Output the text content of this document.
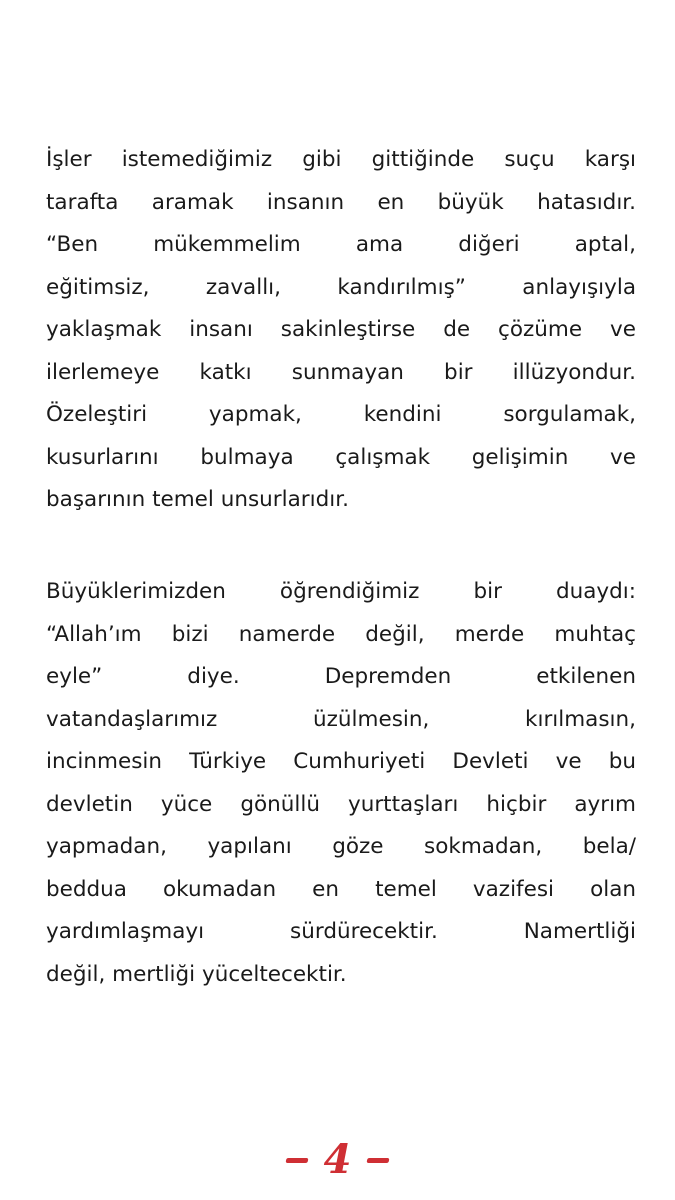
İşler istemediğimiz gibi gittiğinde suçu karşı
tarafta aramak insanın en büyük hatasıdır.
“Ben mükemmelim ama diğeri aptal,
eğitimsiz, zavallı, kandırılmış” anlayışıyla
yaklaşmak insanı sakinleştirse de çözüme ve
ilerlemeye katkı sunmayan bir illüzyondur.
Özeleştiri yapmak, kendini sorgulamak,
kusurlarını bulmaya çalışmak gelişimin ve
başarının temel unsurlarıdır.

Büyüklerimizden öğrendiğimiz bir duaydı:
“Allah’ım bizi namerde değil, merde muhtaç
eyle” diye. Depremden etkilenen
vatandaşlarımız üzülmesin, kırılmasın,
incinmesin Türkiye Cumhuriyeti Devleti ve bu
devletin yüce gönüllü yurttaşları hiçbir ayrım
yapmadan, yapılanı göze sokmadan, bela/
beddua okumadan en temel vazifesi olan
yardımlaşmayı sürdürecektir. Namertliği
değil, mertliği yüceltecektir.

4
